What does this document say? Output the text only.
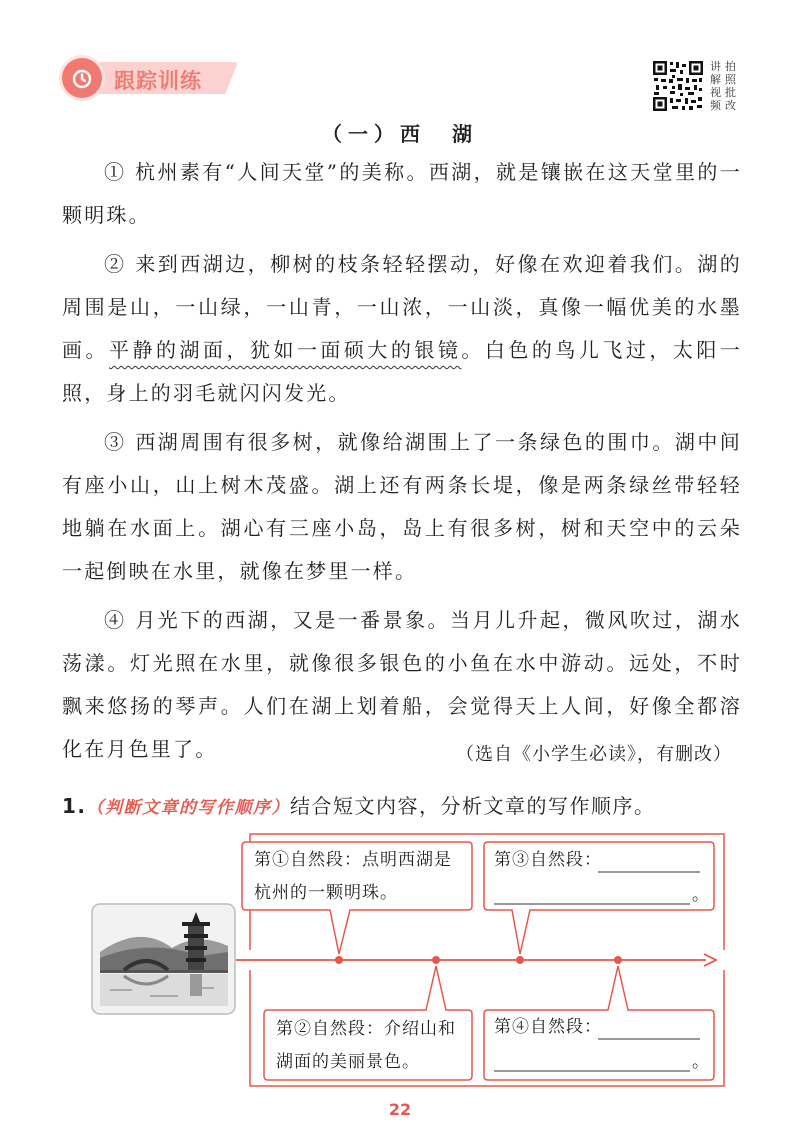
跟踪训练
讲 拍
解 照
视 批
频 改
（一）西　湖

① 杭州素有“人间天堂”的美称。西湖，就是镶嵌在这天堂里的一颗明珠。

② 来到西湖边，柳树的枝条轻轻摆动，好像在欢迎着我们。湖的周围是山，一山绿，一山青，一山浓，一山淡，真像一幅优美的水墨画。平静的湖面，犹如一面硕大的银镜。白色的鸟儿飞过，太阳一照，身上的羽毛就闪闪发光。

③ 西湖周围有很多树，就像给湖围上了一条绿色的围巾。湖中间有座小山，山上树木茂盛。湖上还有两条长堤，像是两条绿丝带轻轻地躺在水面上。湖心有三座小岛，岛上有很多树，树和天空中的云朵一起倒映在水里，就像在梦里一样。

④ 月光下的西湖，又是一番景象。当月儿升起，微风吹过，湖水荡漾。灯光照在水里，就像很多银色的小鱼在水中游动。远处，不时飘来悠扬的琴声。人们在湖上划着船，会觉得天上人间，好像全都溶化在月色里了。	（选自《小学生必读》，有删改）
1.（判断文章的写作顺序）结合短文内容，分析文章的写作顺序。
第①自然段：点明西湖是
杭州的一颗明珠。
第②自然段：介绍山和
湖面的美丽景色。
第③自然段：
。
第④自然段：
。
22
